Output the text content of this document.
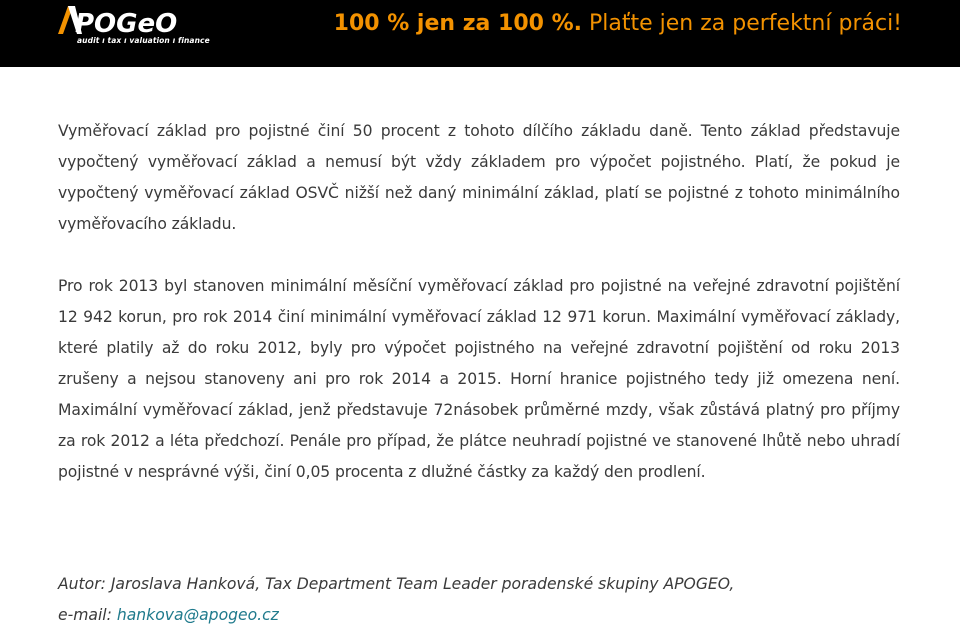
POGeO
audit ı tax ı valuation ı finance
100 % jen za 100 %. Plaťte jen za perfektní práci!

Vyměřovací základ pro pojistné činí 50 procent z tohoto dílčího základu daně. Tento základ představuje vypočtený vyměřovací základ a nemusí být vždy základem pro výpočet pojistného. Platí, že pokud je vypočtený vyměřovací základ OSVČ nižší než daný minimální základ, platí se pojistné z tohoto minimálního vyměřovacího základu.

Pro rok 2013 byl stanoven minimální měsíční vyměřovací základ pro pojistné na veřejné zdravotní pojištění 12 942 korun, pro rok 2014 činí minimální vyměřovací základ 12 971 korun. Maximální vyměřovací základy, které platily až do roku 2012, byly pro výpočet pojistného na veřejné zdravotní pojištění od roku 2013 zrušeny a nejsou stanoveny ani pro rok 2014 a 2015. Horní hranice pojistného tedy již omezena není. Maximální vyměřovací základ, jenž představuje 72násobek průměrné mzdy, však zůstává platný pro příjmy za rok 2012 a léta předchozí. Penále pro případ, že plátce neuhradí pojistné ve stanovené lhůtě nebo uhradí pojistné v nesprávné výši, činí 0,05 procenta z dlužné částky za každý den prodlení.

Autor: Jaroslava Hanková, Tax Department Team Leader poradenské skupiny APOGEO,
e-mail: hankova@apogeo.cz
